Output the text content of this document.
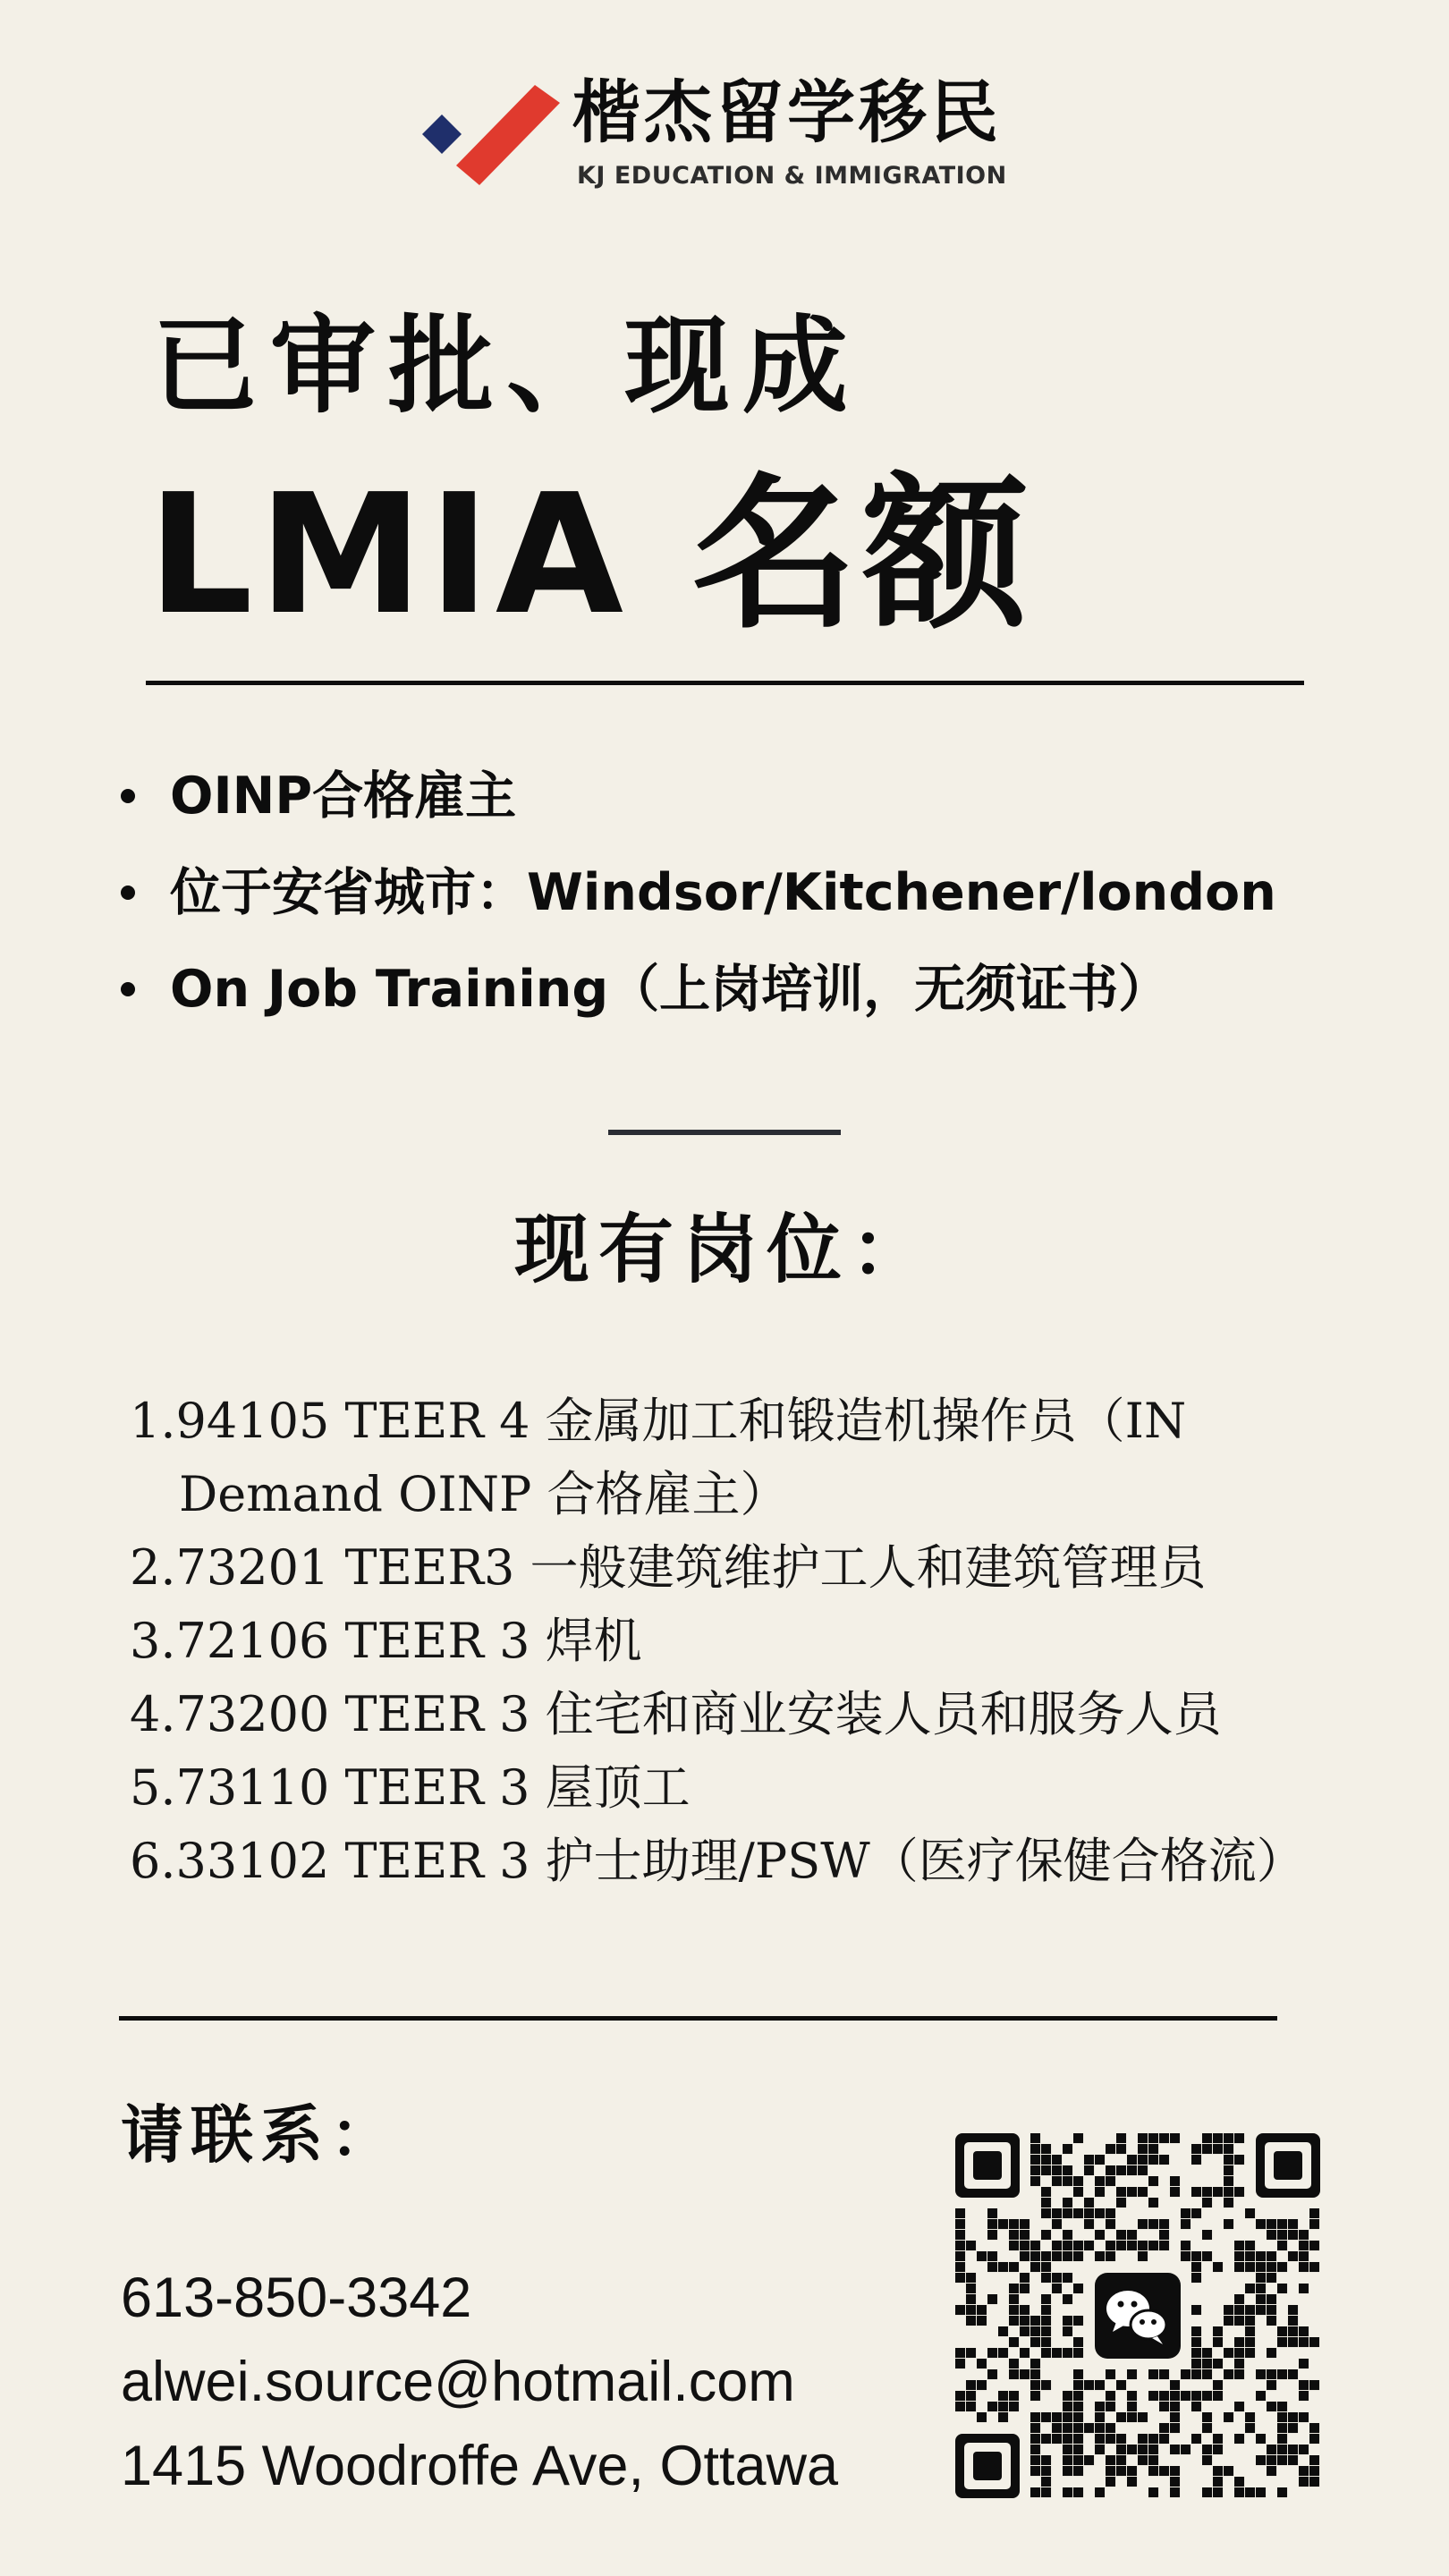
楷杰留学移民
KJ EDUCATION & IMMIGRATION
已审批、现成
LMIA 名额
OINP合格雇主
位于安省城市：Windsor/Kitchener/london
On Job Training（上岗培训，无须证书）
现有岗位：
1.94105 TEER 4 金属加工和锻造机操作员（IN
Demand OINP 合格雇主）
2.73201 TEER3 一般建筑维护工人和建筑管理员
3.72106 TEER 3 焊机
4.73200 TEER 3 住宅和商业安装人员和服务人员
5.73110 TEER 3 屋顶工
6.33102 TEER 3 护士助理/PSW（医疗保健合格流）
请联系：
613-850-3342
alwei.source@hotmail.com
1415 Woodroffe Ave, Ottawa
